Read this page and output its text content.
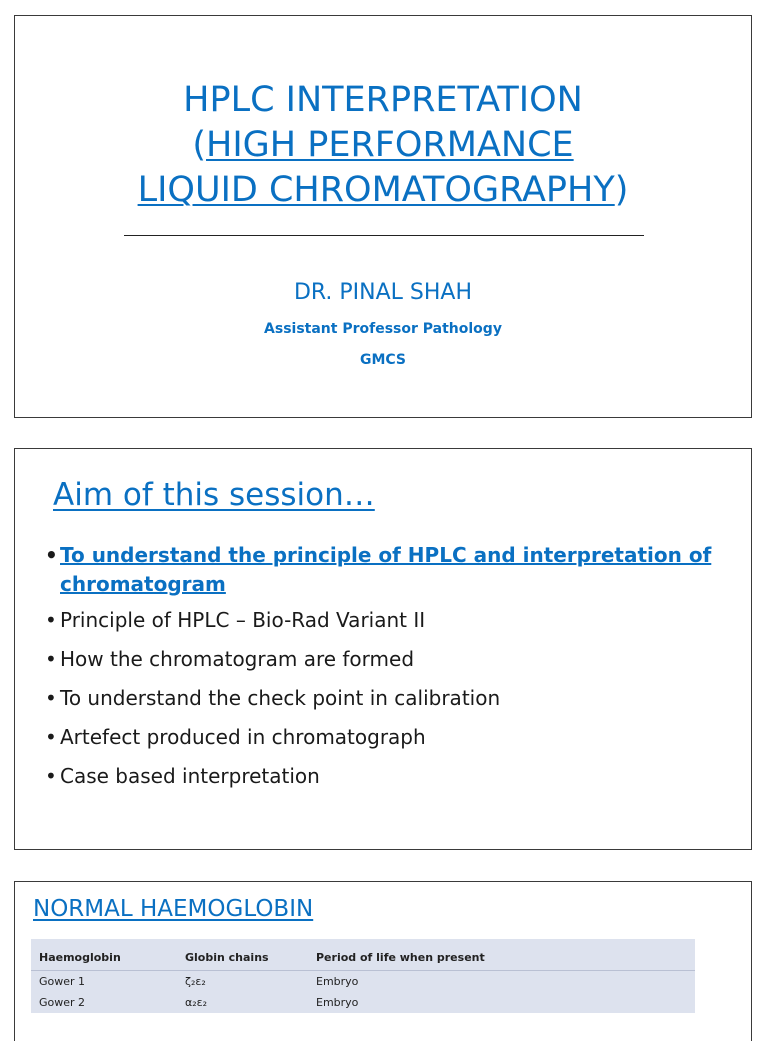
HPLC INTERPRETATION
(HIGH PERFORMANCE
LIQUID CHROMATOGRAPHY)
DR. PINAL SHAH
Assistant Professor Pathology
GMCS
Aim of this session…
• To understand the principle of HPLC and interpretation of chromatogram
• Principle of HPLC – Bio-Rad Variant II
• How the chromatogram are formed
• To understand the check point in calibration
• Artefect produced in chromatograph
• Case based interpretation
NORMAL HAEMOGLOBIN
Haemoglobin	Globin chains	Period of life when present
Gower 1	ζ₂ε₂	Embryo
Gower 2	α₂ε₂	Embryo
